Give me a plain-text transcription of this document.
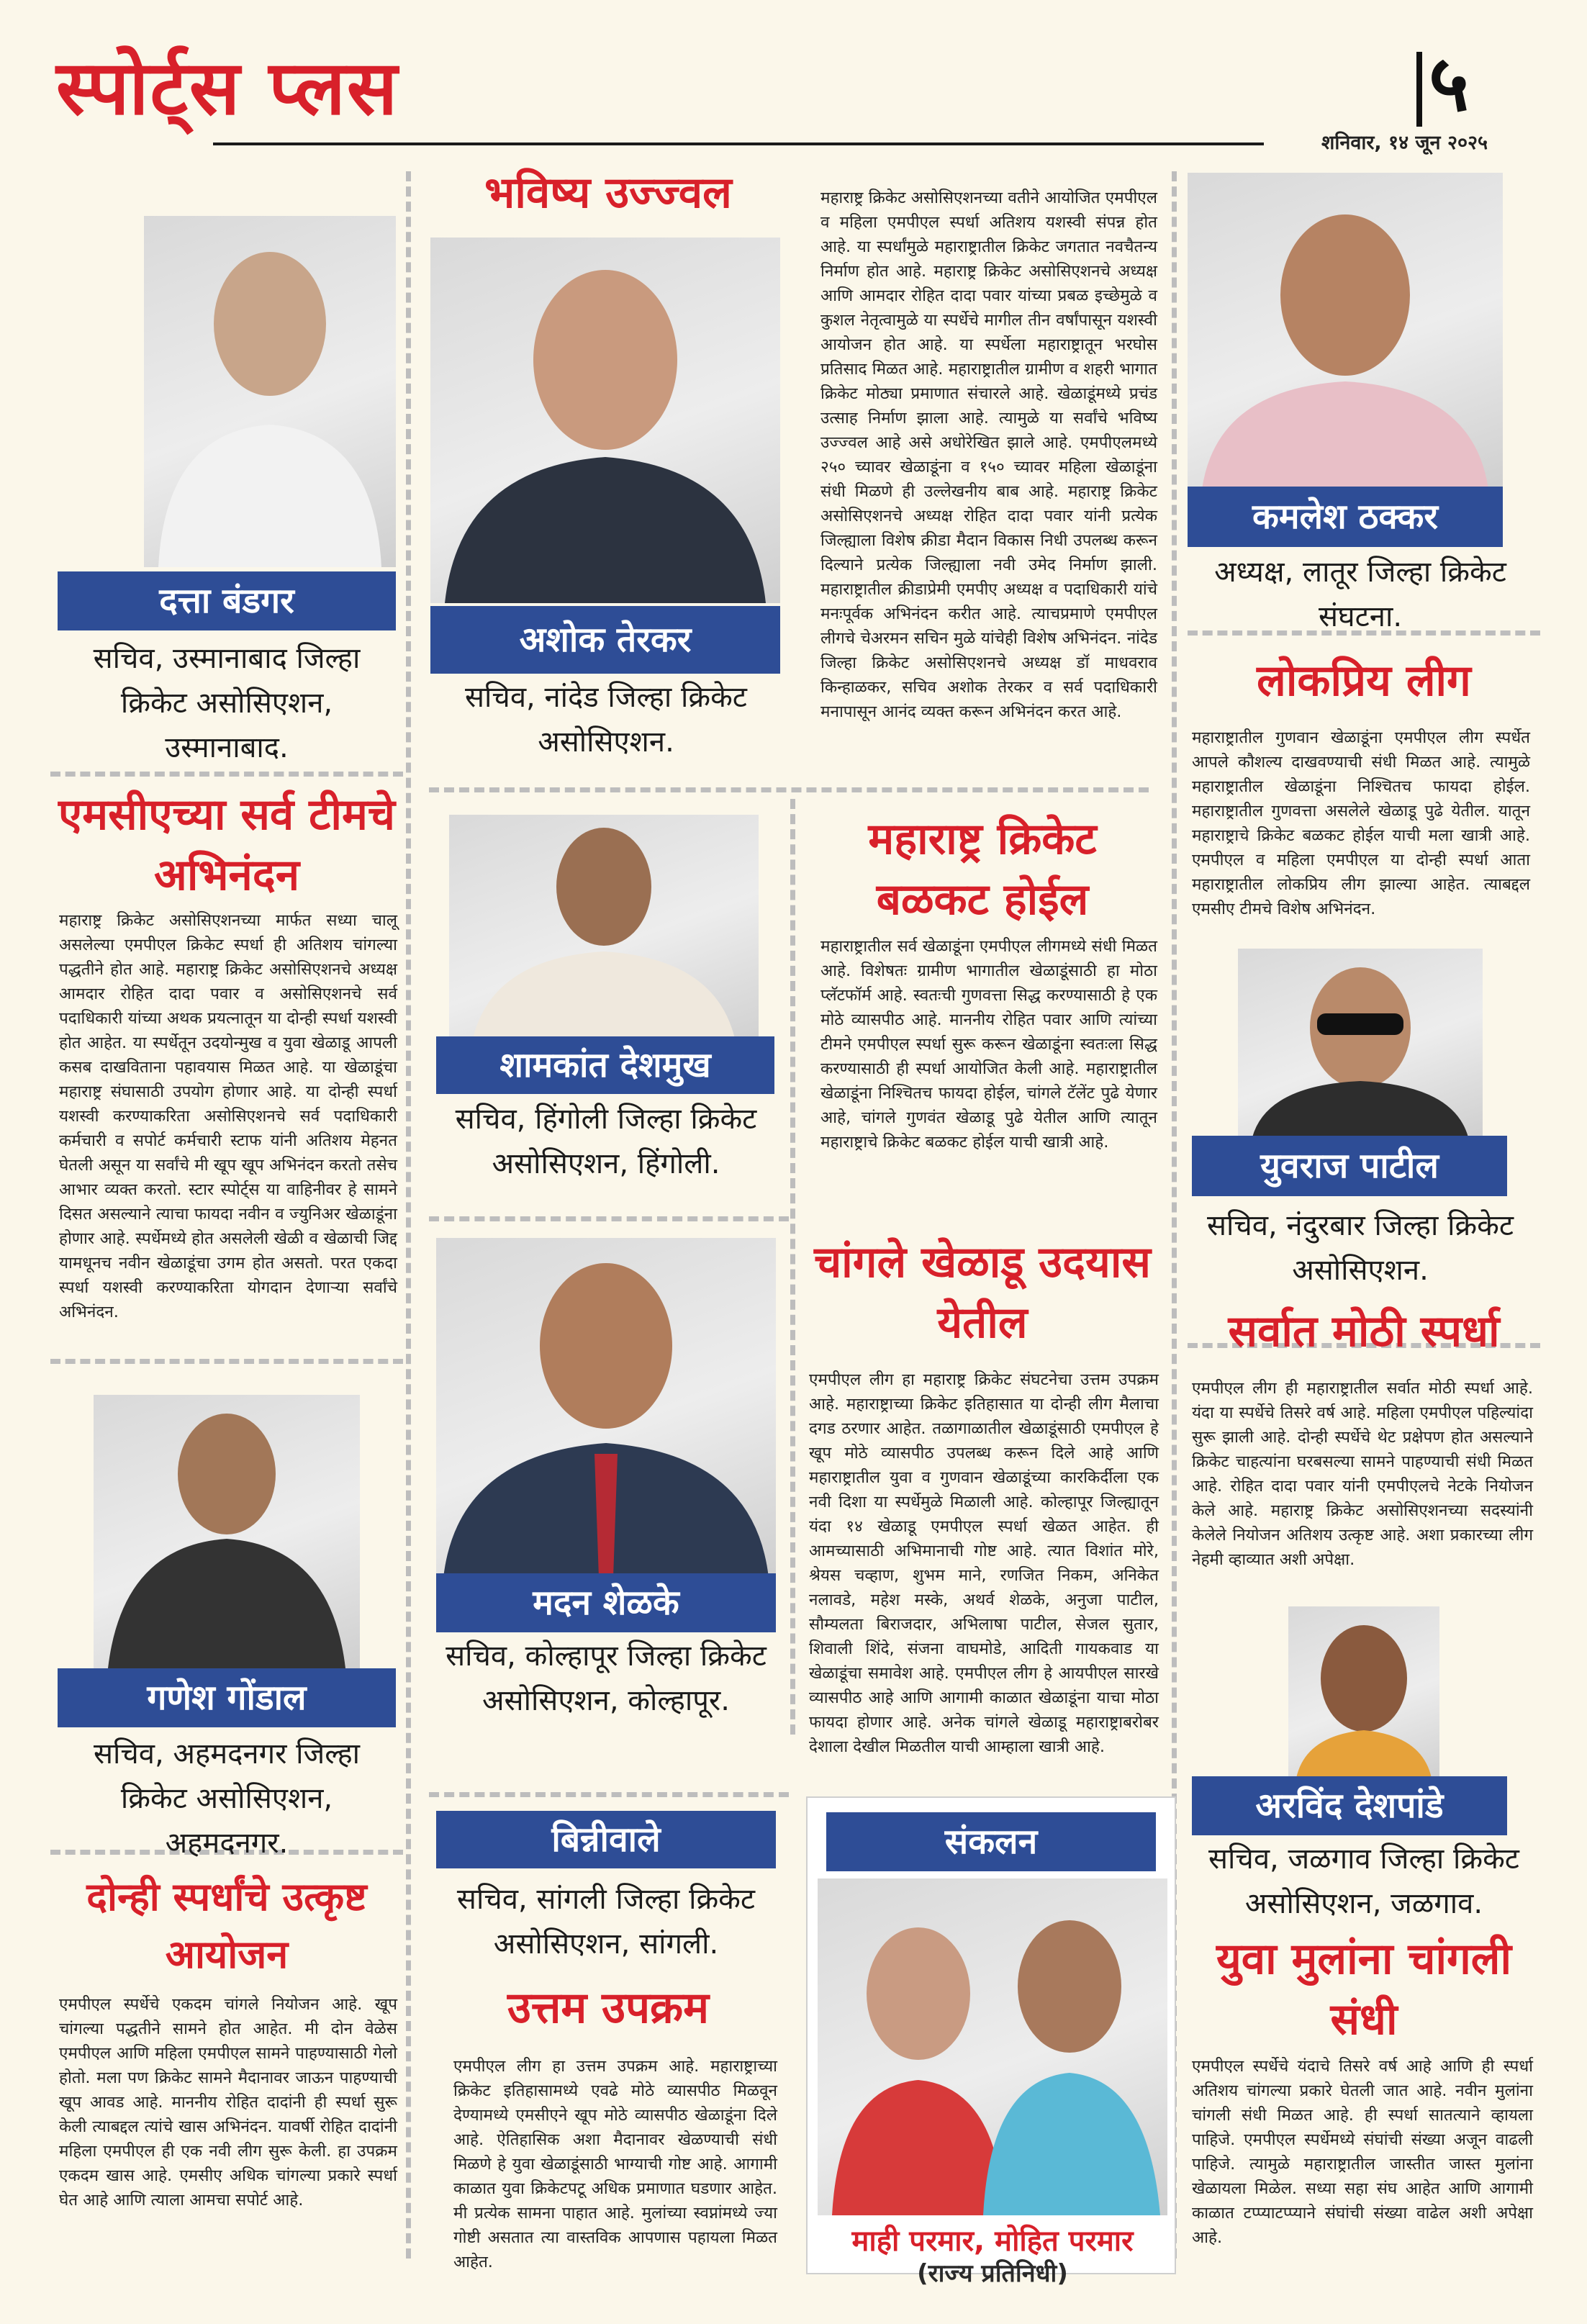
स्पोर्ट्स प्लस	५
शनिवार, १४ जून २०२५
दत्ता बंडगर
सचिव, उस्मानाबाद जिल्हा क्रिकेट असोसिएशन, उस्मानाबाद.
एमसीएच्या सर्व टीमचे अभिनंदन
महाराष्ट्र क्रिकेट असोसिएशनच्या मार्फत सध्या चालू असलेल्या एमपीएल क्रिकेट स्पर्धा ही अतिशय चांगल्या पद्धतीने होत आहे. महाराष्ट्र क्रिकेट असोसिएशनचे अध्यक्ष आमदार रोहित दादा पवार व असोसिएशनचे सर्व पदाधिकारी यांच्या अथक प्रयत्नातून या दोन्ही स्पर्धा यशस्वी होत आहेत. या स्पर्धेतून उदयोन्मुख व युवा खेळाडू आपली कसब दाखविताना पहावयास मिळत आहे. या खेळाडूंचा महाराष्ट्र संघासाठी उपयोग होणार आहे. या दोन्ही स्पर्धा यशस्वी करण्याकरिता असोसिएशनचे सर्व पदाधिकारी कर्मचारी व सपोर्ट कर्मचारी स्टाफ यांनी अतिशय मेहनत घेतली असून या सर्वांचे मी खूप खूप अभिनंदन करतो तसेच आभार व्यक्त करतो. स्टार स्पोर्ट्स या वाहिनीवर हे सामने दिसत असल्याने त्याचा फायदा नवीन व ज्युनिअर खेळाडूंना होणार आहे. स्पर्धेमध्ये होत असलेली खेळी व खेळाची जिद्द यामधूनच नवीन खेळाडूंचा उगम होत असतो. परत एकदा स्पर्धा यशस्वी करण्याकरिता योगदान देणाऱ्या सर्वांचे अभिनंदन.
गणेश गोंडाल
सचिव, अहमदनगर जिल्हा क्रिकेट असोसिएशन, अहमदनगर.
दोन्ही स्पर्धांचे उत्कृष्ट आयोजन
एमपीएल स्पर्धेचे एकदम चांगले नियोजन आहे. खूप चांगल्या पद्धतीने सामने होत आहेत. मी दोन वेळेस एमपीएल आणि महिला एमपीएल सामने पाहण्यासाठी गेलो होतो. मला पण क्रिकेट सामने मैदानावर जाऊन पाहण्याची खूप आवड आहे. माननीय रोहित दादांनी ही स्पर्धा सुरू केली त्याबद्दल त्यांचे खास अभिनंदन. यावर्षी रोहित दादांनी महिला एमपीएल ही एक नवी लीग सुरू केली. हा उपक्रम एकदम खास आहे. एमसीए अधिक चांगल्या प्रकारे स्पर्धा घेत आहे आणि त्याला आमचा सपोर्ट आहे.
भविष्य उज्ज्वल
अशोक तेरकर
सचिव, नांदेड जिल्हा क्रिकेट असोसिएशन.
शामकांत देशमुख
सचिव, हिंगोली जिल्हा क्रिकेट असोसिएशन, हिंगोली.
मदन शेळके
सचिव, कोल्हापूर जिल्हा क्रिकेट असोसिएशन, कोल्हापूर.
बिन्नीवाले
सचिव, सांगली जिल्हा क्रिकेट असोसिएशन, सांगली.
उत्तम उपक्रम
एमपीएल लीग हा उत्तम उपक्रम आहे. महाराष्ट्राच्या क्रिकेट इतिहासामध्ये एवढे मोठे व्यासपीठ मिळवून देण्यामध्ये एमसीएने खूप मोठे व्यासपीठ खेळाडूंना दिले आहे. ऐतिहासिक अशा मैदानावर खेळण्याची संधी मिळणे हे युवा खेळाडूंसाठी भाग्याची गोष्ट आहे. आगामी काळात युवा क्रिकेटपटू अधिक प्रमाणात घडणार आहेत. मी प्रत्येक सामना पाहात आहे. मुलांच्या स्वप्नांमध्ये ज्या गोष्टी असतात त्या वास्तविक आपणास पहायला मिळत आहेत.
महाराष्ट्र क्रिकेट असोसिएशनच्या वतीने आयोजित एमपीएल व महिला एमपीएल स्पर्धा अतिशय यशस्वी संपन्न होत आहे. या स्पर्धांमुळे महाराष्ट्रातील क्रिकेट जगतात नवचैतन्य निर्माण होत आहे. महाराष्ट्र क्रिकेट असोसिएशनचे अध्यक्ष आणि आमदार रोहित दादा पवार यांच्या प्रबळ इच्छेमुळे व कुशल नेतृत्वामुळे या स्पर्धेचे मागील तीन वर्षांपासून यशस्वी आयोजन होत आहे. या स्पर्धेला महाराष्ट्रातून भरघोस प्रतिसाद मिळत आहे. महाराष्ट्रातील ग्रामीण व शहरी भागात क्रिकेट मोठ्या प्रमाणात संचारले आहे. खेळाडूंमध्ये प्रचंड उत्साह निर्माण झाला आहे. त्यामुळे या सर्वांचे भविष्य उज्ज्वल आहे असे अधोरेखित झाले आहे. एमपीएलमध्ये २५० च्यावर खेळाडूंना व १५० च्यावर महिला खेळाडूंना संधी मिळणे ही उल्लेखनीय बाब आहे. महाराष्ट्र क्रिकेट असोसिएशनचे अध्यक्ष रोहित दादा पवार यांनी प्रत्येक जिल्ह्याला विशेष क्रीडा मैदान विकास निधी उपलब्ध करून दिल्याने प्रत्येक जिल्ह्याला नवी उमेद निर्माण झाली. महाराष्ट्रातील क्रीडाप्रेमी एमपीए अध्यक्ष व पदाधिकारी यांचे मनःपूर्वक अभिनंदन करीत आहे. त्याचप्रमाणे एमपीएल लीगचे चेअरमन सचिन मुळे यांचेही विशेष अभिनंदन. नांदेड जिल्हा क्रिकेट असोसिएशनचे अध्यक्ष डॉ माधवराव किन्हाळकर, सचिव अशोक तेरकर व सर्व पदाधिकारी मनापासून आनंद व्यक्त करून अभिनंदन करत आहे.
महाराष्ट्र क्रिकेट बळकट होईल
महाराष्ट्रातील सर्व खेळाडूंना एमपीएल लीगमध्ये संधी मिळत आहे. विशेषतः ग्रामीण भागातील खेळाडूंसाठी हा मोठा प्लॅटफॉर्म आहे. स्वतःची गुणवत्ता सिद्ध करण्यासाठी हे एक मोठे व्यासपीठ आहे. माननीय रोहित पवार आणि त्यांच्या टीमने एमपीएल स्पर्धा सुरू करून खेळाडूंना स्वतःला सिद्ध करण्यासाठी ही स्पर्धा आयोजित केली आहे. महाराष्ट्रातील खेळाडूंना निश्चितच फायदा होईल, चांगले टॅलेंट पुढे येणार आहे, चांगले गुणवंत खेळाडू पुढे येतील आणि त्यातून महाराष्ट्राचे क्रिकेट बळकट होईल याची खात्री आहे.
चांगले खेळाडू उदयास येतील
एमपीएल लीग हा महाराष्ट्र क्रिकेट संघटनेचा उत्तम उपक्रम आहे. महाराष्ट्राच्या क्रिकेट इतिहासात या दोन्ही लीग मैलाचा दगड ठरणार आहेत. तळागाळातील खेळाडूंसाठी एमपीएल हे खूप मोठे व्यासपीठ उपलब्ध करून दिले आहे आणि महाराष्ट्रातील युवा व गुणवान खेळाडूंच्या कारकिर्दीला एक नवी दिशा या स्पर्धेमुळे मिळाली आहे. कोल्हापूर जिल्ह्यातून यंदा १४ खेळाडू एमपीएल स्पर्धा खेळत आहेत. ही आमच्यासाठी अभिमानाची गोष्ट आहे. त्यात विशांत मोरे, श्रेयस चव्हाण, शुभम माने, रणजित निकम, अनिकेत नलावडे, महेश मस्के, अथर्व शेळके, अनुजा पाटील, सौम्यलता बिराजदार, अभिलाषा पाटील, सेजल सुतार, शिवाली शिंदे, संजना वाघमोडे, आदिती गायकवाड या खेळाडूंचा समावेश आहे. एमपीएल लीग हे आयपीएल सारखे व्यासपीठ आहे आणि आगामी काळात खेळाडूंना याचा मोठा फायदा होणार आहे. अनेक चांगले खेळाडू महाराष्ट्राबरोबर देशाला देखील मिळतील याची आम्हाला खात्री आहे.
संकलन
माही परमार, मोहित परमार
(राज्य प्रतिनिधी)
कमलेश ठक्कर
अध्यक्ष, लातूर जिल्हा क्रिकेट संघटना.
लोकप्रिय लीग
महाराष्ट्रातील गुणवान खेळाडूंना एमपीएल लीग स्पर्धेत आपले कौशल्य दाखवण्याची संधी मिळत आहे. त्यामुळे महाराष्ट्रातील खेळाडूंना निश्चितच फायदा होईल. महाराष्ट्रातील गुणवत्ता असलेले खेळाडू पुढे येतील. यातून महाराष्ट्राचे क्रिकेट बळकट होईल याची मला खात्री आहे. एमपीएल व महिला एमपीएल या दोन्ही स्पर्धा आता महाराष्ट्रातील लोकप्रिय लीग झाल्या आहेत. त्याबद्दल एमसीए टीमचे विशेष अभिनंदन.
युवराज पाटील
सचिव, नंदुरबार जिल्हा क्रिकेट असोसिएशन.
सर्वात मोठी स्पर्धा
एमपीएल लीग ही महाराष्ट्रातील सर्वात मोठी स्पर्धा आहे. यंदा या स्पर्धेचे तिसरे वर्ष आहे. महिला एमपीएल पहिल्यांदा सुरू झाली आहे. दोन्ही स्पर्धेचे थेट प्रक्षेपण होत असल्याने क्रिकेट चाहत्यांना घरबसल्या सामने पाहण्याची संधी मिळत आहे. रोहित दादा पवार यांनी एमपीएलचे नेटके नियोजन केले आहे. महाराष्ट्र क्रिकेट असोसिएशनच्या सदस्यांनी केलेले नियोजन अतिशय उत्कृष्ट आहे. अशा प्रकारच्या लीग नेहमी व्हाव्यात अशी अपेक्षा.
अरविंद देशपांडे
सचिव, जळगाव जिल्हा क्रिकेट असोसिएशन, जळगाव.
युवा मुलांना चांगली संधी
एमपीएल स्पर्धेचे यंदाचे तिसरे वर्ष आहे आणि ही स्पर्धा अतिशय चांगल्या प्रकारे घेतली जात आहे. नवीन मुलांना चांगली संधी मिळत आहे. ही स्पर्धा सातत्याने व्हायला पाहिजे. एमपीएल स्पर्धेमध्ये संघांची संख्या अजून वाढली पाहिजे. त्यामुळे महाराष्ट्रातील जास्तीत जास्त मुलांना खेळायला मिळेल. सध्या सहा संघ आहेत आणि आगामी काळात टप्प्याटप्प्याने संघांची संख्या वाढेल अशी अपेक्षा आहे.
